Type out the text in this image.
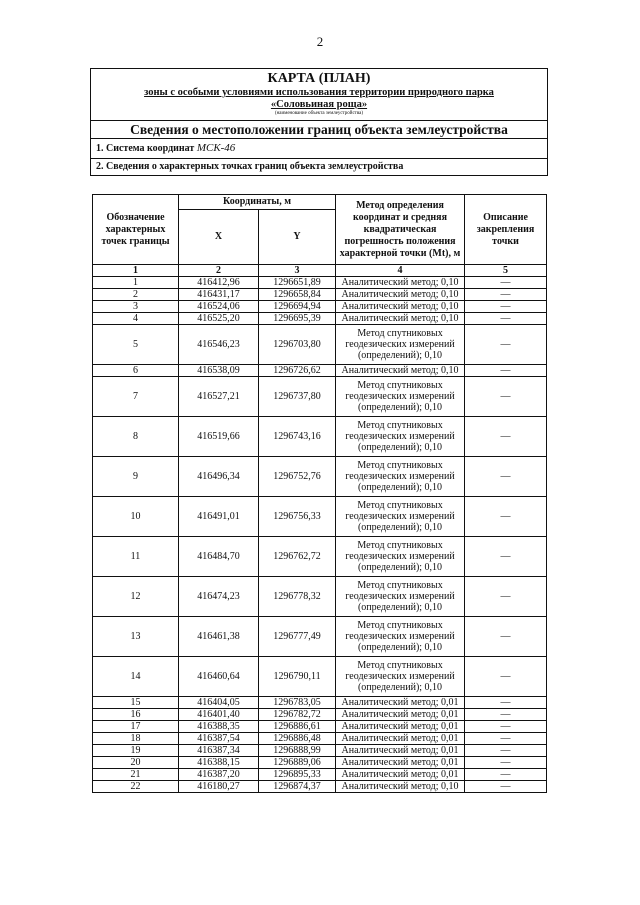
2
КАРТА (ПЛАН)
зоны с особыми условиями использования территории природного парка
«Соловьиная роща»
(наименование объекта землеустройства)
Сведения о местоположении границ объекта землеустройства
1. Система координат МСК-46
2. Сведения о характерных точках границ объекта землеустройства
Обозначение характерных точек границы	Координаты, м		Метод определения координат и средняя квадратическая погрешность положения характерной точки (Mt), м	Описание закрепления точки
	X	Y		
1	2	3	4	5
1	416412,96	1296651,89	Аналитический метод; 0,10	—
2	416431,17	1296658,84	Аналитический метод; 0,10	—
3	416524,06	1296694,94	Аналитический метод; 0,10	—
4	416525,20	1296695,39	Аналитический метод; 0,10	—
5	416546,23	1296703,80	Метод спутниковых геодезических измерений (определений); 0,10	—
6	416538,09	1296726,62	Аналитический метод; 0,10	—
7	416527,21	1296737,80	Метод спутниковых геодезических измерений (определений); 0,10	—
8	416519,66	1296743,16	Метод спутниковых геодезических измерений (определений); 0,10	—
9	416496,34	1296752,76	Метод спутниковых геодезических измерений (определений); 0,10	—
10	416491,01	1296756,33	Метод спутниковых геодезических измерений (определений); 0,10	—
11	416484,70	1296762,72	Метод спутниковых геодезических измерений (определений); 0,10	—
12	416474,23	1296778,32	Метод спутниковых геодезических измерений (определений); 0,10	—
13	416461,38	1296777,49	Метод спутниковых геодезических измерений (определений); 0,10	—
14	416460,64	1296790,11	Метод спутниковых геодезических измерений (определений); 0,10	—
15	416404,05	1296783,05	Аналитический метод; 0,01	—
16	416401,40	1296782,72	Аналитический метод; 0,01	—
17	416388,35	1296886,61	Аналитический метод; 0,01	—
18	416387,54	1296886,48	Аналитический метод; 0,01	—
19	416387,34	1296888,99	Аналитический метод; 0,01	—
20	416388,15	1296889,06	Аналитический метод; 0,01	—
21	416387,20	1296895,33	Аналитический метод; 0,01	—
22	416180,27	1296874,37	Аналитический метод; 0,10	—
